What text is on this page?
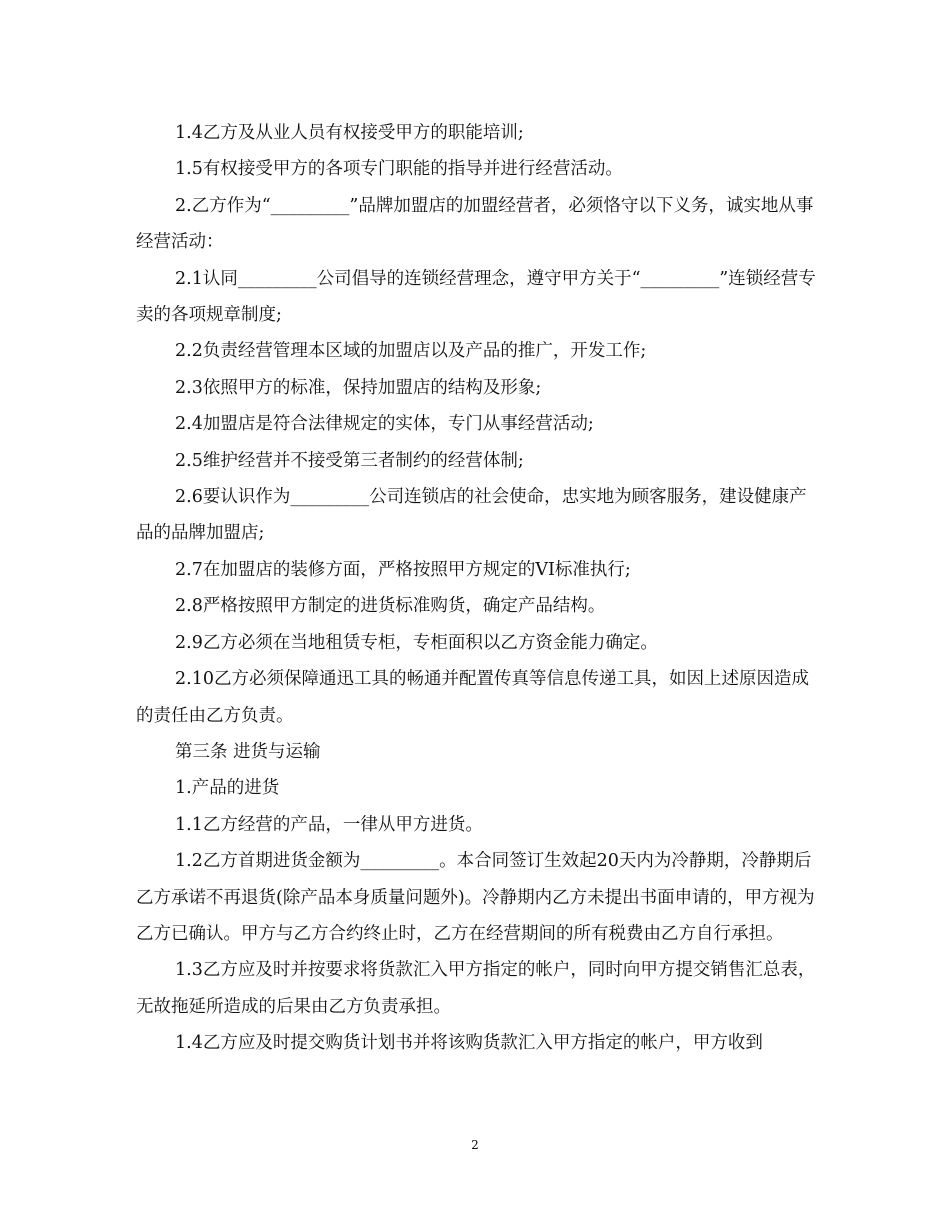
1.4乙方及从业人员有权接受甲方的职能培训;

1.5有权接受甲方的各项专门职能的指导并进行经营活动。

2.乙方作为“_________”品牌加盟店的加盟经营者，必须恪守以下义务，诚实地从事经营活动：

2.1认同_________公司倡导的连锁经营理念，遵守甲方关于“_________”连锁经营专卖的各项规章制度;

2.2负责经营管理本区域的加盟店以及产品的推广，开发工作;

2.3依照甲方的标准，保持加盟店的结构及形象;

2.4加盟店是符合法律规定的实体，专门从事经营活动;

2.5维护经营并不接受第三者制约的经营体制;

2.6要认识作为_________公司连锁店的社会使命，忠实地为顾客服务，建设健康产品的品牌加盟店;

2.7在加盟店的装修方面，严格按照甲方规定的VI标准执行;

2.8严格按照甲方制定的进货标准购货，确定产品结构。

2.9乙方必须在当地租赁专柜，专柜面积以乙方资金能力确定。

2.10乙方必须保障通迅工具的畅通并配置传真等信息传递工具，如因上述原因造成的责任由乙方负责。

第三条 进货与运输

1.产品的进货

1.1乙方经营的产品，一律从甲方进货。

1.2乙方首期进货金额为_________。本合同签订生效起20天内为冷静期，冷静期后乙方承诺不再退货(除产品本身质量问题外)。冷静期内乙方未提出书面申请的，甲方视为乙方已确认。甲方与乙方合约终止时，乙方在经营期间的所有税费由乙方自行承担。

1.3乙方应及时并按要求将货款汇入甲方指定的帐户，同时向甲方提交销售汇总表，无故拖延所造成的后果由乙方负责承担。

1.4乙方应及时提交购货计划书并将该购货款汇入甲方指定的帐户，甲方收到

2
